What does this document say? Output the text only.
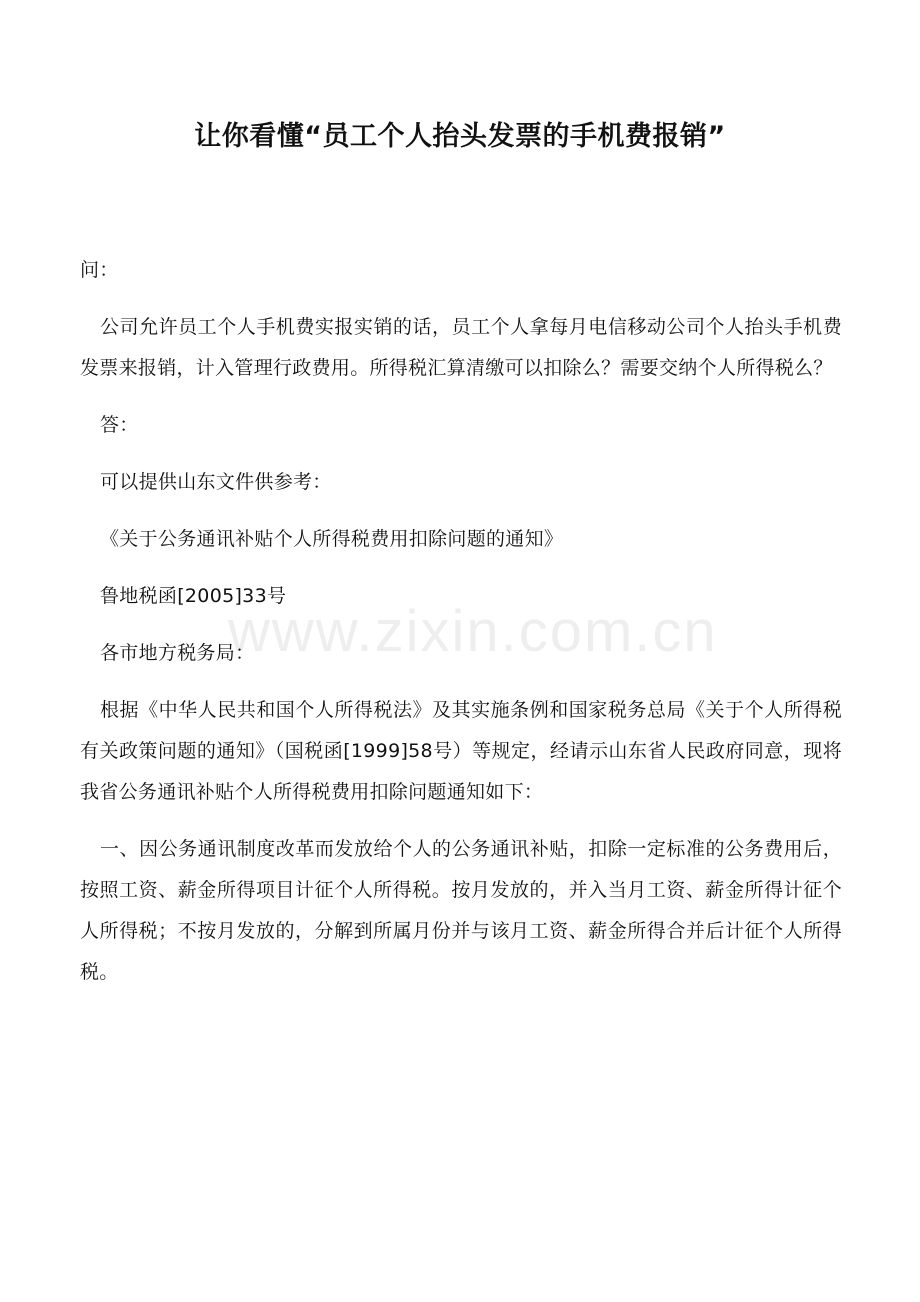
www.zixin.com.cn
让你看懂“员工个人抬头发票的手机费报销”

问：

公司允许员工个人手机费实报实销的话，员工个人拿每月电信移动公司个人抬头手机费发票来报销，计入管理行政费用。所得税汇算清缴可以扣除么？需要交纳个人所得税么？

答：

可以提供山东文件供参考：

《关于公务通讯补贴个人所得税费用扣除问题的通知》

鲁地税函[2005]33号

各市地方税务局：

根据《中华人民共和国个人所得税法》及其实施条例和国家税务总局《关于个人所得税有关政策问题的通知》（国税函[1999]58号）等规定，经请示山东省人民政府同意，现将我省公务通讯补贴个人所得税费用扣除问题通知如下：

一、因公务通讯制度改革而发放给个人的公务通讯补贴，扣除一定标准的公务费用后，按照工资、薪金所得项目计征个人所得税。按月发放的，并入当月工资、薪金所得计征个人所得税；不按月发放的，分解到所属月份并与该月工资、薪金所得合并后计征个人所得税。
